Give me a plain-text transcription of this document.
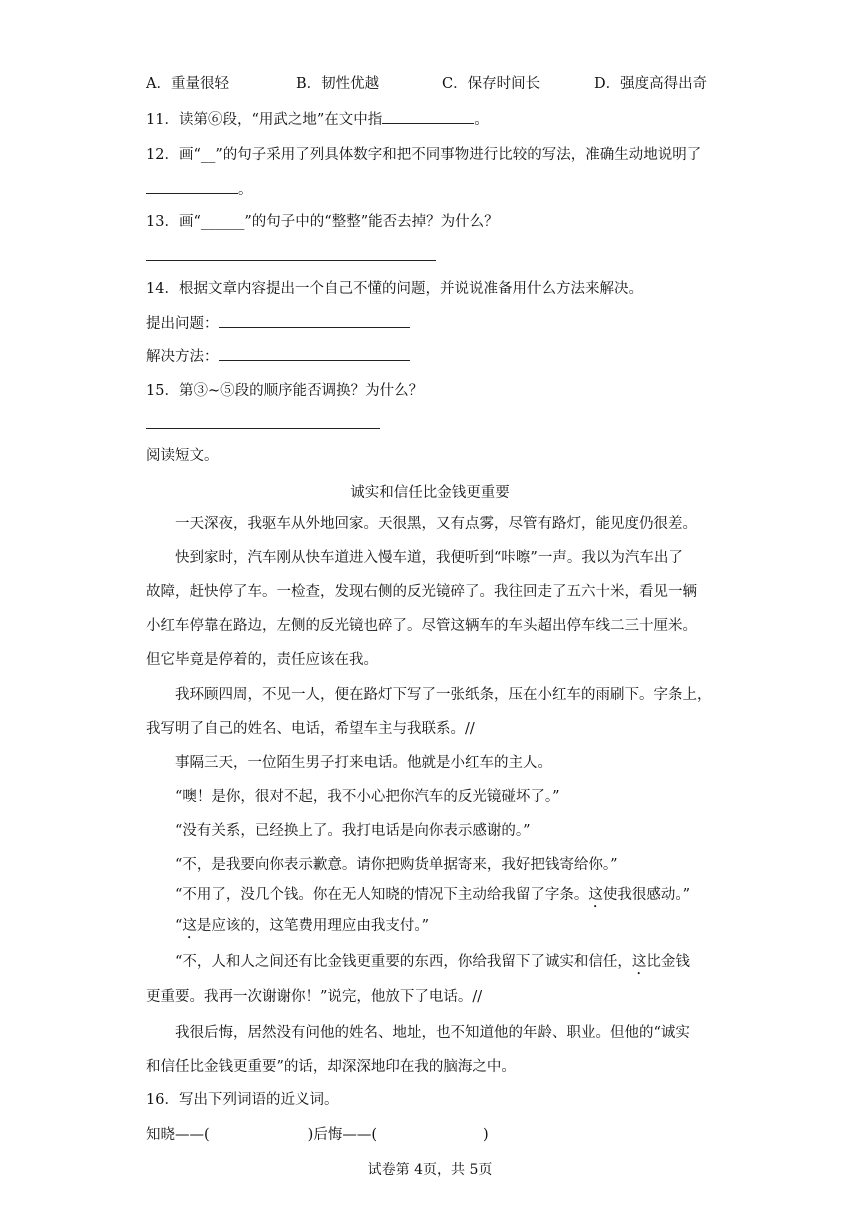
A．重量很轻	B．韧性优越	C．保存时间长	D．强度高得出奇
11．读第⑥段，“用武之地”在文中指	。
12．画“__”的句子采用了列具体数字和把不同事物进行比较的写法，准确生动地说明了
。
13．画“______”的句子中的“整整”能否去掉？为什么？
14．根据文章内容提出一个自己不懂的问题，并说说准备用什么方法来解决。
提出问题：
解决方法：
15．第③~⑤段的顺序能否调换？为什么？
阅读短文。
诚实和信任比金钱更重要
一天深夜，我驱车从外地回家。天很黑，又有点雾，尽管有路灯，能见度仍很差。
快到家时，汽车刚从快车道进入慢车道，我便听到“咔嚓”一声。我以为汽车出了
故障，赶快停了车。一检查，发现右侧的反光镜碎了。我往回走了五六十米，看见一辆
小红车停靠在路边，左侧的反光镜也碎了。尽管这辆车的车头超出停车线二三十厘米。
但它毕竟是停着的，责任应该在我。
我环顾四周，不见一人，便在路灯下写了一张纸条，压在小红车的雨刷下。字条上，
我写明了自己的姓名、电话，希望车主与我联系。//
事隔三天，一位陌生男子打来电话。他就是小红车的主人。
“噢！是你，很对不起，我不小心把你汽车的反光镜碰坏了。”
“没有关系，已经换上了。我打电话是向你表示感谢的。”
“不，是我要向你表示歉意。请你把购货单据寄来，我好把钱寄给你。”
“不用了，没几个钱。你在无人知晓的情况下主动给我留了字条。这使我很感动。”
“这是应该的，这笔费用理应由我支付。”
“不，人和人之间还有比金钱更重要的东西，你给我留下了诚实和信任，这比金钱
更重要。我再一次谢谢你！”说完，他放下了电话。//
我很后悔，居然没有问他的姓名、地址，也不知道他的年龄、职业。但他的“诚实
和信任比金钱更重要”的话，却深深地印在我的脑海之中。
16．写出下列词语的近义词。
知晓——(	)后悔——(	)
试卷第 4页，共 5页
